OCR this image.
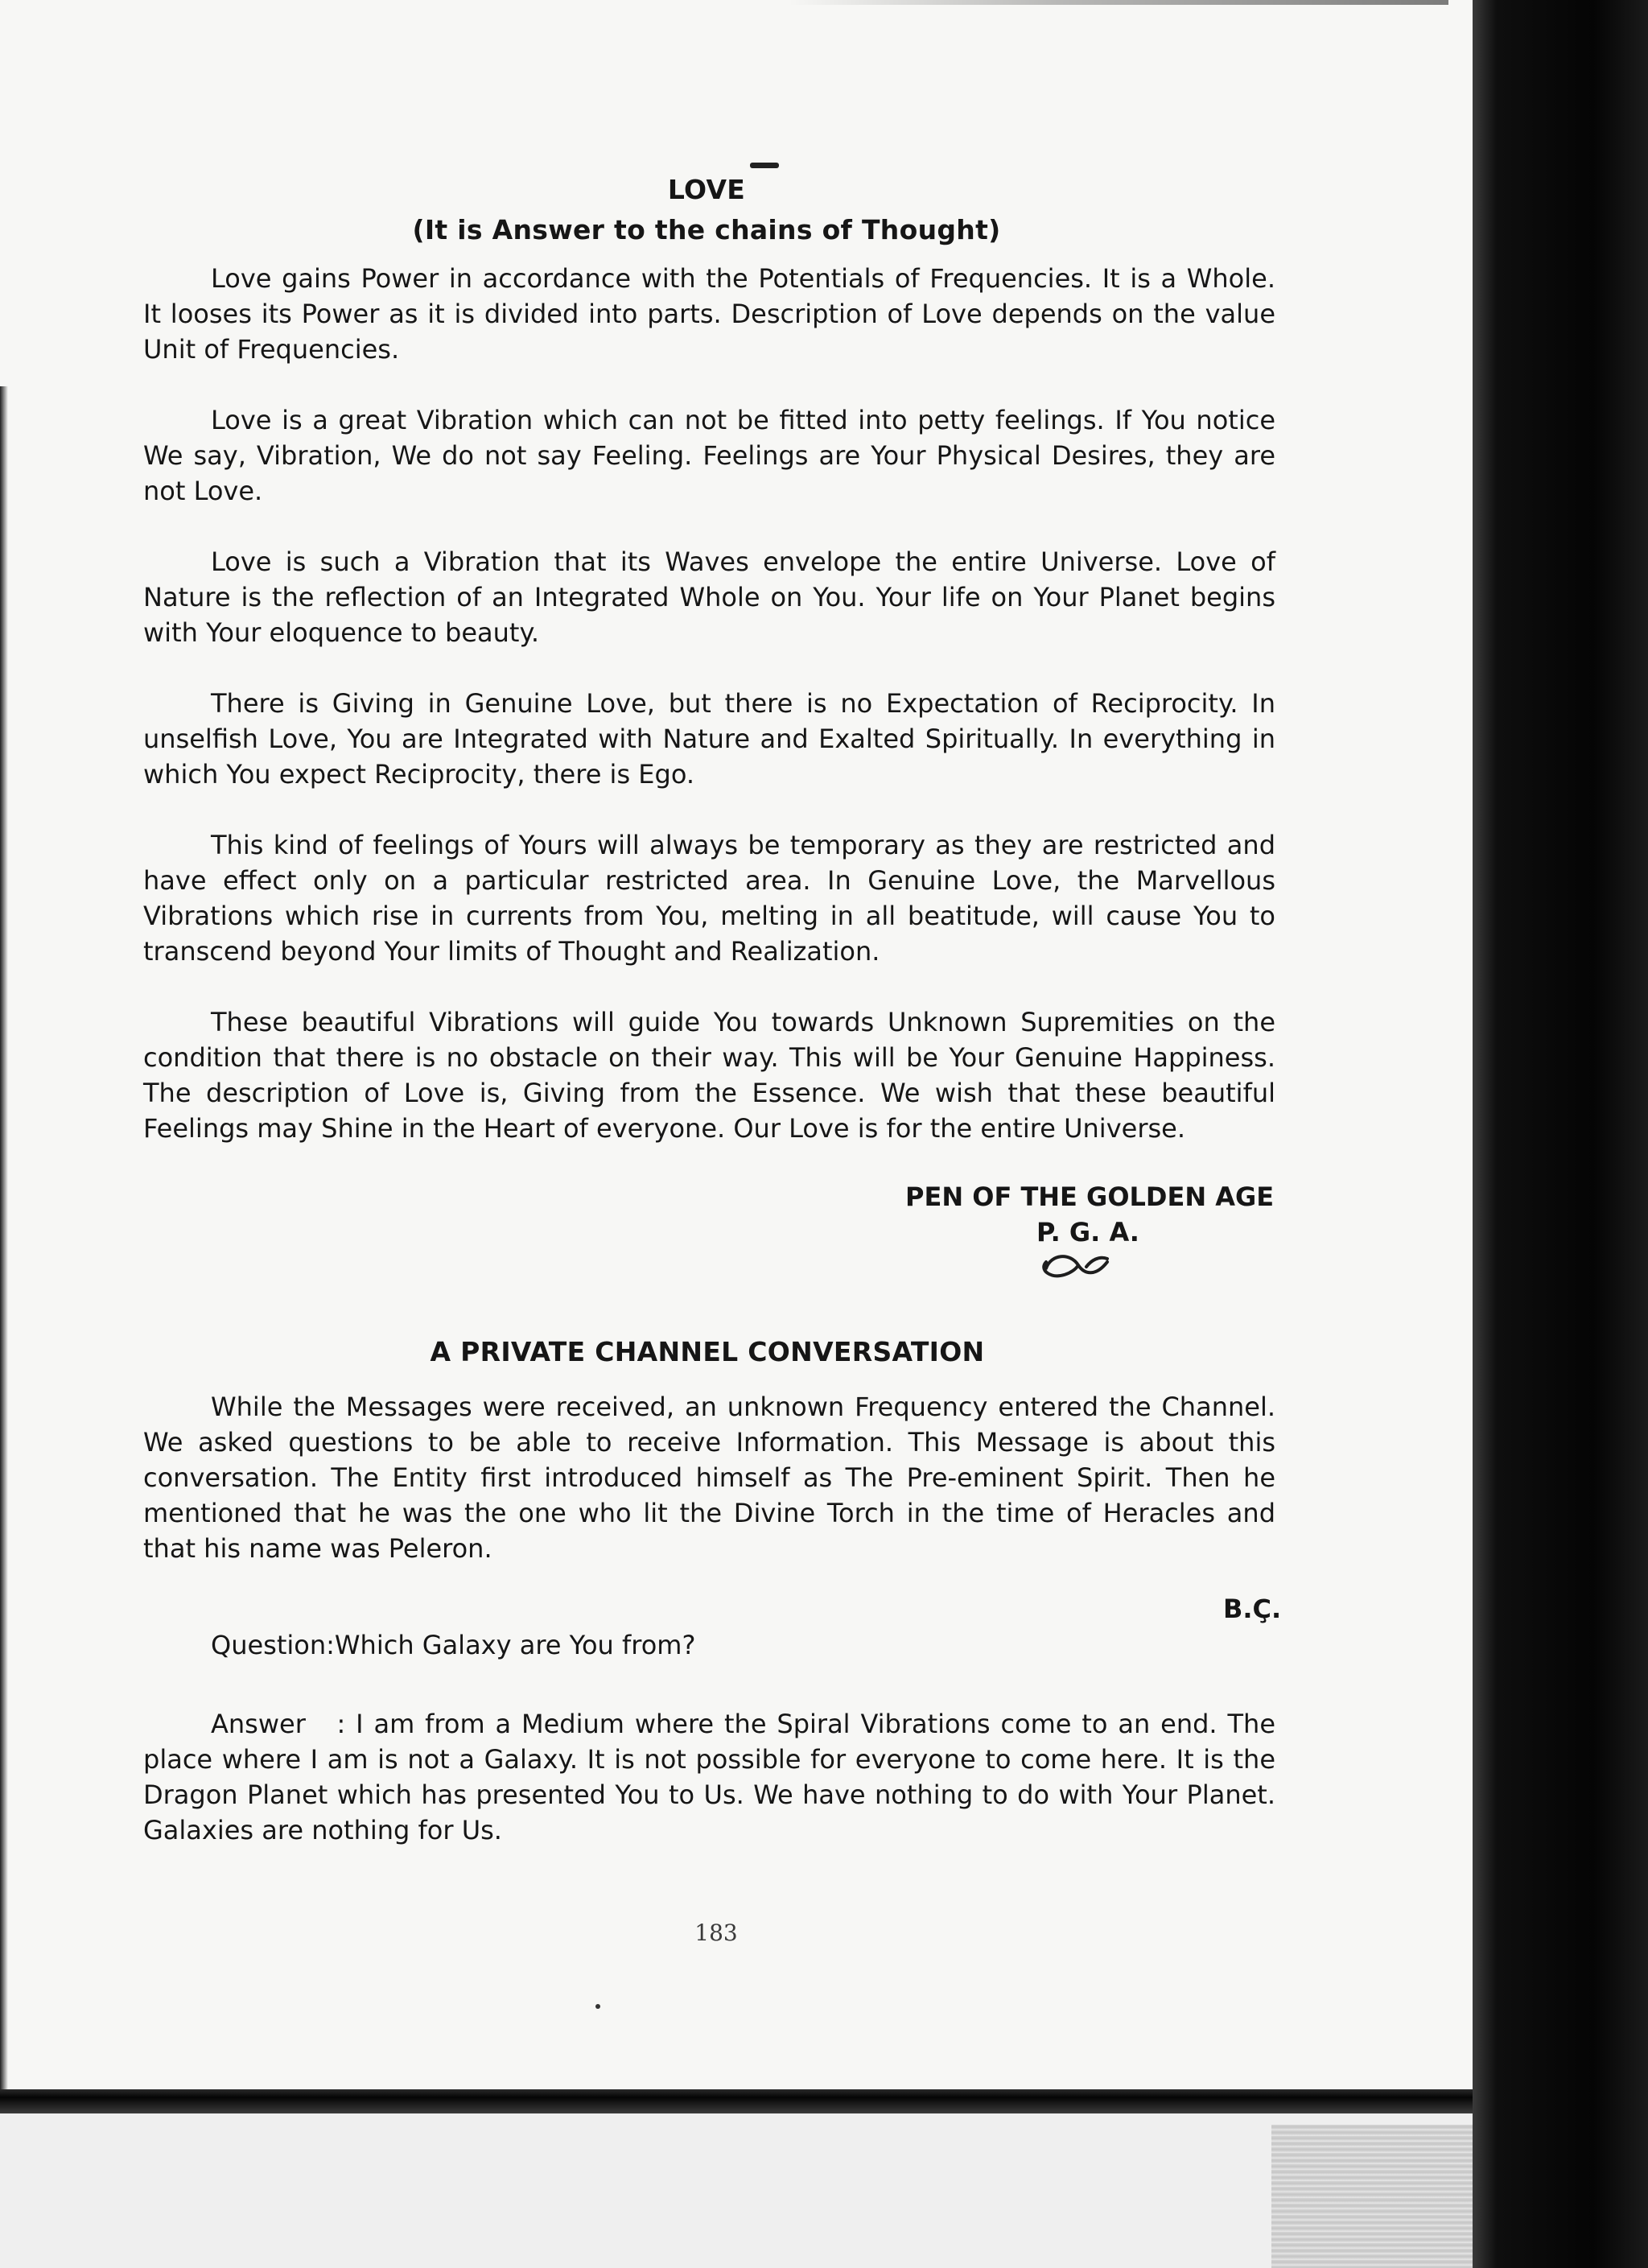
LOVE
(It is Answer to the chains of Thought)

Love gains Power in accordance with the Potentials of Frequencies. It is a Whole. It looses its Power as it is divided into parts. Description of Love depends on the value Unit of Frequencies.

Love is a great Vibration which can not be fitted into petty feelings. If You notice We say, Vibration, We do not say Feeling. Feelings are Your Physical Desires, they are not Love.

Love is such a Vibration that its Waves envelope the entire Universe. Love of Nature is the reflection of an Integrated Whole on You. Your life on Your Planet begins with Your eloquence to beauty.

There is Giving in Genuine Love, but there is no Expectation of Reciprocity. In unselfish Love, You are Integrated with Nature and Exalted Spiritually. In everything in which You expect Reciprocity, there is Ego.

This kind of feelings of Yours will always be temporary as they are restricted and have effect only on a particular restricted area. In Genuine Love, the Marvellous Vibrations which rise in currents from You, melting in all beatitude, will cause You to transcend beyond Your limits of Thought and Realization.

These beautiful Vibrations will guide You towards Unknown Supremities on the condition that there is no obstacle on their way. This will be Your Genuine Happiness. The description of Love is, Giving from the Essence. We wish that these beautiful Feelings may Shine in the Heart of everyone. Our Love is for the entire Universe.

PEN OF THE GOLDEN AGE
P. G. A.
A PRIVATE CHANNEL CONVERSATION

While the Messages were received, an unknown Frequency entered the Channel. We asked questions to be able to receive Information. This Message is about this conversation. The Entity first introduced himself as The Pre-eminent Spirit. Then he mentioned that he was the one who lit the Divine Torch in the time of Heracles and that his name was Peleron.

B.Ç.
Question:Which Galaxy are You from?

Answer   : I am from a Medium where the Spiral Vibrations come to an end. The place where I am is not a Galaxy. It is not possible for everyone to come here. It is the Dragon Planet which has presented You to Us. We have nothing to do with Your Planet. Galaxies are nothing for Us.

183
